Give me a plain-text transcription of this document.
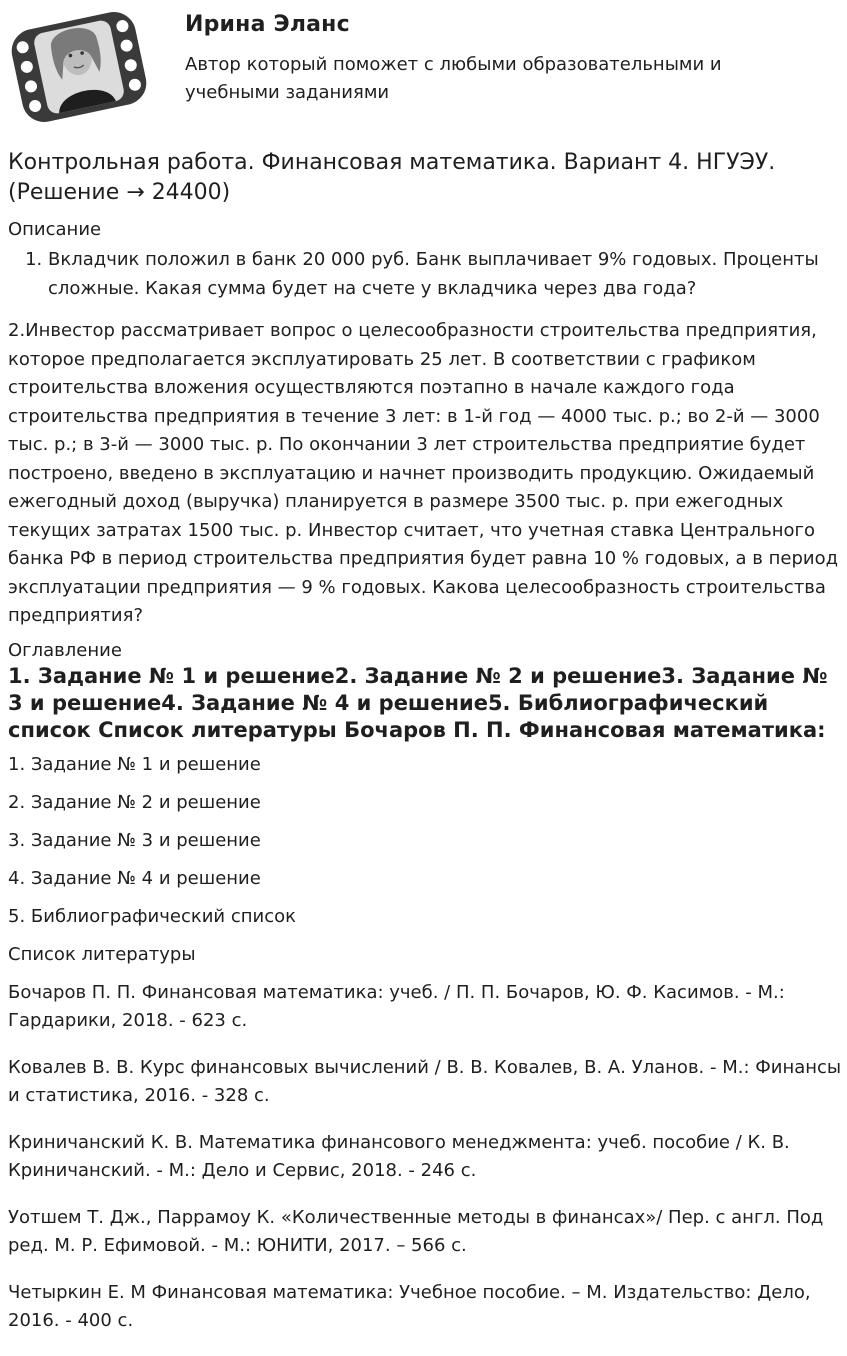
Ирина Эланс
Автор который поможет с любыми образовательными и учебными заданиями
Контрольная работа. Финансовая математика. Вариант 4. НГУЭУ. (Решение → 24400)
Описание
1. Вкладчик положил в банк 20 000 руб. Банк выплачивает 9% годовых. Проценты сложные. Какая сумма будет на счете у вкладчика через два года?

2.Инвестор рассматривает вопрос о целесообразности строительства предприятия, которое предполагается эксплуатировать 25 лет. В соответствии с графиком строительства вложения осуществляются поэтапно в начале каждого года строительства предприятия в течение 3 лет: в 1-й год — 4000 тыс. р.; во 2-й — 3000 тыс. р.; в 3-й — 3000 тыс. р. По окончании 3 лет строительства предприятие будет построено, введено в эксплуатацию и начнет производить продукцию. Ожидаемый ежегодный доход (выручка) планируется в размере 3500 тыс. р. при ежегодных текущих затратах 1500 тыс. р. Инвестор считает, что учетная ставка Центрального банка РФ в период строительства предприятия будет равна 10 % годовых, а в период эксплуатации предприятия — 9 % годовых. Какова целесообразность строительства предприятия?

Оглавление
1. Задание № 1 и решение2. Задание № 2 и решение3. Задание № 3 и решение4. Задание № 4 и решение5. Библиографический список Список литературы Бочаров П. П. Финансовая математика:

1. Задание № 1 и решение

2. Задание № 2 и решение

3. Задание № 3 и решение

4. Задание № 4 и решение

5. Библиографический список

Список литературы

Бочаров П. П. Финансовая математика: учеб. / П. П. Бочаров, Ю. Ф. Касимов. - М.: Гардарики, 2018. - 623 с.

Ковалев В. В. Курс финансовых вычислений / В. В. Ковалев, В. А. Уланов. - М.: Финансы и статистика, 2016. - 328 с.

Криничанский К. В. Математика финансового менеджмента: учеб. пособие / К. В. Криничанский. - М.: Дело и Сервис, 2018. - 246 с.

Уотшем Т. Дж., Паррамоу К. «Количественные методы в финансах»/ Пер. с англ. Под ред. М. Р. Ефимовой. - М.: ЮНИТИ, 2017. – 566 с.

Четыркин Е. М Финансовая математика: Учебное пособие. – М. Издательство: Дело, 2016. - 400 с.
